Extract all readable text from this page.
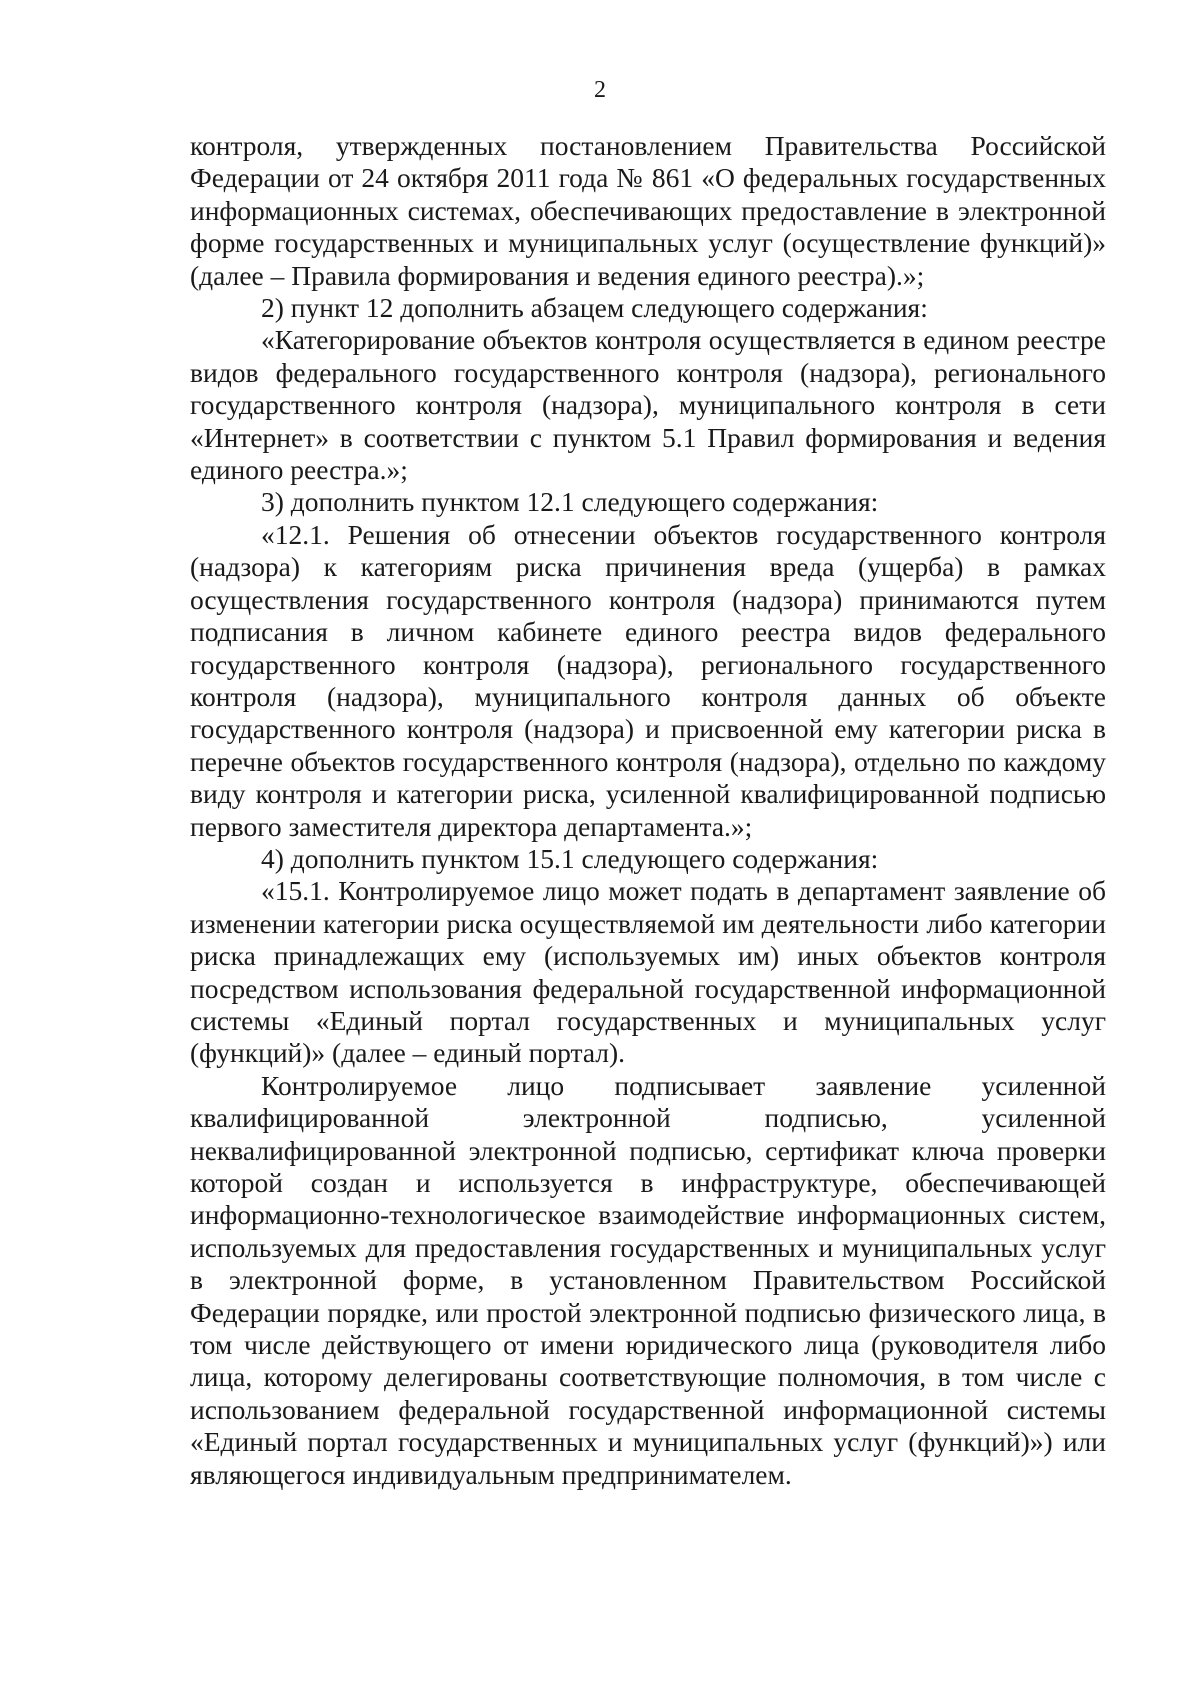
2

контроля, утвержденных постановлением Правительства Российской Федерации от 24 октября 2011 года № 861 «О федеральных государственных информационных системах, обеспечивающих предоставление в электронной форме государственных и муниципальных услуг (осуществление функций)» (далее – Правила формирования и ведения единого реестра).»;

2) пункт 12 дополнить абзацем следующего содержания:

«Категорирование объектов контроля осуществляется в едином реестре видов федерального государственного контроля (надзора), регионального государственного контроля (надзора), муниципального контроля в сети «Интернет» в соответствии с пунктом 5.1 Правил формирования и ведения единого реестра.»;

3) дополнить пунктом 12.1 следующего содержания:

«12.1. Решения об отнесении объектов государственного контроля (надзора) к категориям риска причинения вреда (ущерба) в рамках осуществления государственного контроля (надзора) принимаются путем подписания в личном кабинете единого реестра видов федерального государственного контроля (надзора), регионального государственного контроля (надзора), муниципального контроля данных об объекте государственного контроля (надзора) и присвоенной ему категории риска в перечне объектов государственного контроля (надзора), отдельно по каждому виду контроля и категории риска, усиленной квалифицированной подписью первого заместителя директора департамента.»;

4) дополнить пунктом 15.1 следующего содержания:

«15.1. Контролируемое лицо может подать в департамент заявление об изменении категории риска осуществляемой им деятельности либо категории риска принадлежащих ему (используемых им) иных объектов контроля посредством использования федеральной государственной информационной системы «Единый портал государственных и муниципальных услуг (функций)» (далее – единый портал).

Контролируемое лицо подписывает заявление усиленной квалифицированной электронной подписью, усиленной неквалифицированной электронной подписью, сертификат ключа проверки которой создан и используется в инфраструктуре, обеспечивающей информационно-технологическое взаимодействие информационных систем, используемых для предоставления государственных и муниципальных услуг в электронной форме, в установленном Правительством Российской Федерации порядке, или простой электронной подписью физического лица, в том числе действующего от имени юридического лица (руководителя либо лица, которому делегированы соответствующие полномочия, в том числе с использованием федеральной государственной информационной системы «Единый портал государственных и муниципальных услуг (функций)») или являющегося индивидуальным предпринимателем.
